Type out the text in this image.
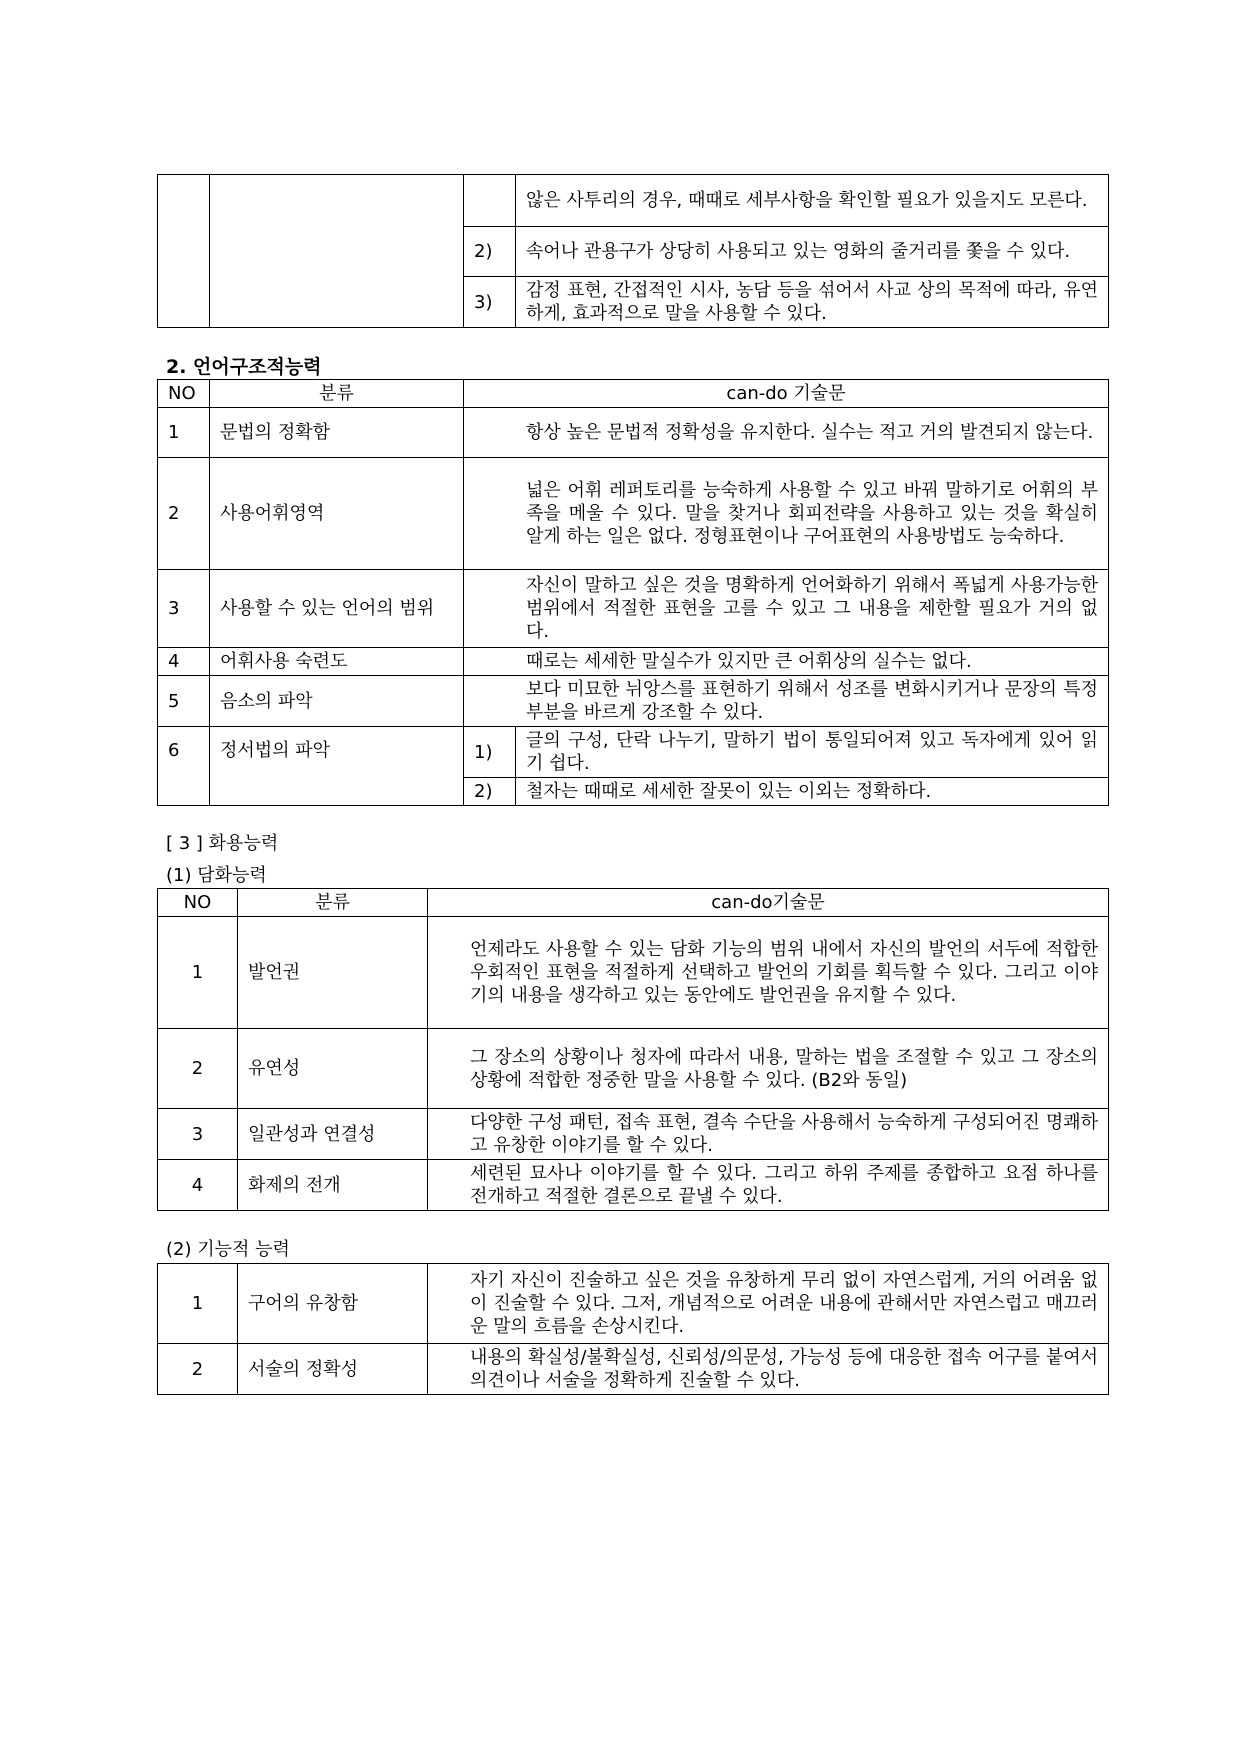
			않은 사투리의 경우, 때때로 세부사항을 확인할 필요가 있을지도 모른다.
		2)	속어나 관용구가 상당히 사용되고 있는 영화의 줄거리를 쫓을 수 있다.
		3)	감정 표현, 간접적인 시사, 농담 등을 섞어서 사교 상의 목적에 따라, 유연하게, 효과적으로 말을 사용할 수 있다.
2. 언어구조적능력
NO	분류	can-do 기술문	
1	문법의 정확함	항상 높은 문법적 정확성을 유지한다. 실수는 적고 거의 발견되지 않는다.	
2	사용어휘영역	넓은 어휘 레퍼토리를 능숙하게 사용할 수 있고 바꿔 말하기로 어휘의 부족을 메울 수 있다. 말을 찾거나 회피전략을 사용하고 있는 것을 확실히 알게 하는 일은 없다. 정형표현이나 구어표현의 사용방법도 능숙하다.	
3	사용할 수 있는 언어의 범위	자신이 말하고 싶은 것을 명확하게 언어화하기 위해서 폭넓게 사용가능한 범위에서 적절한 표현을 고를 수 있고 그 내용을 제한할 필요가 거의 없다.	
4	어휘사용 숙련도	때로는 세세한 말실수가 있지만 큰 어휘상의 실수는 없다.	
5	음소의 파악	보다 미묘한 뉘앙스를 표현하기 위해서 성조를 변화시키거나 문장의 특정 부분을 바르게 강조할 수 있다.	
6	정서법의 파악	1)	글의 구성, 단락 나누기, 말하기 법이 통일되어져 있고 독자에게 있어 읽기 쉽다.
		2)	철자는 때때로 세세한 잘못이 있는 이외는 정확하다.
[ 3 ] 화용능력
(1) 담화능력
NO	분류	can-do기술문
1	발언권	언제라도 사용할 수 있는 담화 기능의 범위 내에서 자신의 발언의 서두에 적합한 우회적인 표현을 적절하게 선택하고 발언의 기회를 획득할 수 있다. 그리고 이야기의 내용을 생각하고 있는 동안에도 발언권을 유지할 수 있다.
2	유연성	그 장소의 상황이나 청자에 따라서 내용, 말하는 법을 조절할 수 있고 그 장소의 상황에 적합한 정중한 말을 사용할 수 있다. (B2와 동일)
3	일관성과 연결성	다양한 구성 패턴, 접속 표현, 결속 수단을 사용해서 능숙하게 구성되어진 명쾌하고 유창한 이야기를 할 수 있다.
4	화제의 전개	세련된 묘사나 이야기를 할 수 있다. 그리고 하위 주제를 종합하고 요점 하나를 전개하고 적절한 결론으로 끝낼 수 있다.
(2) 기능적 능력
1	구어의 유창함	자기 자신이 진술하고 싶은 것을 유창하게 무리 없이 자연스럽게, 거의 어려움 없이 진술할 수 있다. 그저, 개념적으로 어려운 내용에 관해서만 자연스럽고 매끄러운 말의 흐름을 손상시킨다.
2	서술의 정확성	내용의 확실성/불확실성, 신뢰성/의문성, 가능성 등에 대응한 접속 어구를 붙여서 의견이나 서술을 정확하게 진술할 수 있다.
